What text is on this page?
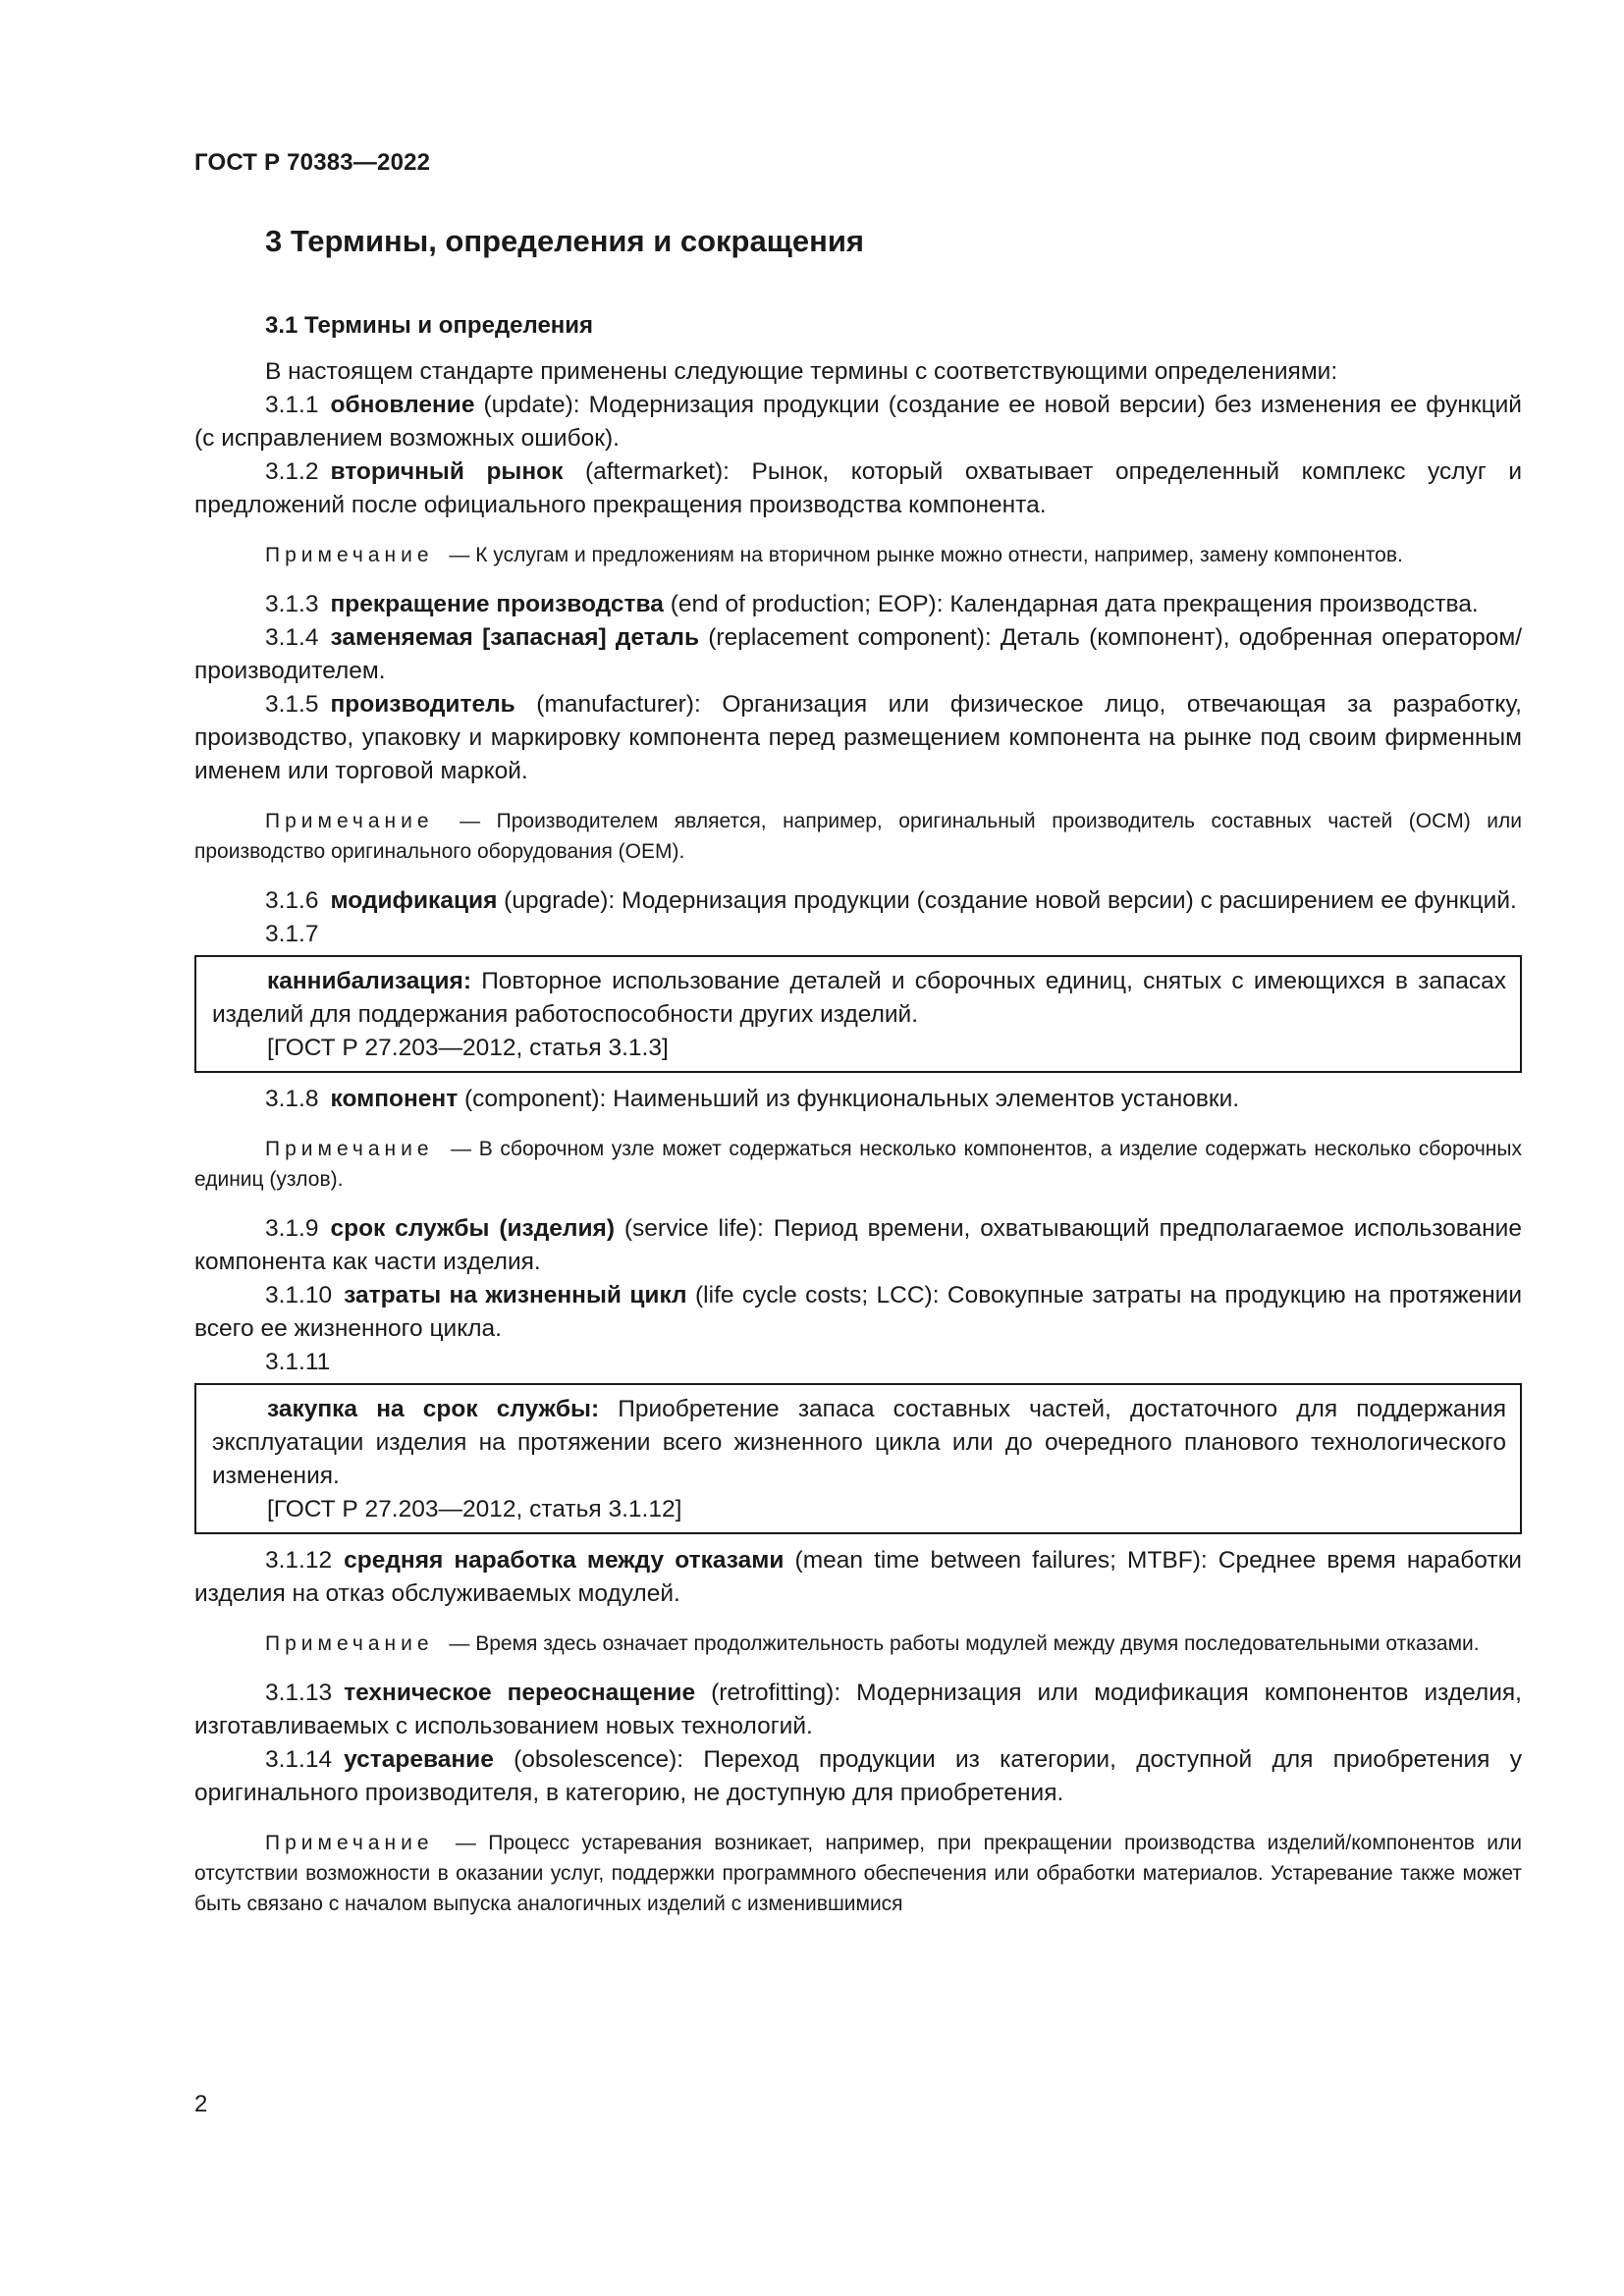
ГОСТ Р 70383—2022
3 Термины, определения и сокращения
3.1 Термины и определения

В настоящем стандарте применены следующие термины с соответствующими определениями:

3.1.1 обновление (update): Модернизация продукции (создание ее новой версии) без изменения ее функций (с исправлением возможных ошибок).

3.1.2 вторичный рынок (aftermarket): Рынок, который охватывает определенный комплекс услуг и предложений после официального прекращения производства компонента.

Примечание — К услугам и предложениям на вторичном рынке можно отнести, например, замену компонентов.

3.1.3 прекращение производства (end of production; EOP): Календарная дата прекращения производства.

3.1.4 заменяемая [запасная] деталь (replacement component): Деталь (компонент), одобренная оператором/производителем.

3.1.5 производитель (manufacturer): Организация или физическое лицо, отвечающая за разработку, производство, упаковку и маркировку компонента перед размещением компонента на рынке под своим фирменным именем или торговой маркой.

Примечание — Производителем является, например, оригинальный производитель составных частей (OCM) или производство оригинального оборудования (OEM).

3.1.6 модификация (upgrade): Модернизация продукции (создание новой версии) с расширением ее функций.

3.1.7

каннибализация: Повторное использование деталей и сборочных единиц, снятых с имеющихся в запасах изделий для поддержания работоспособности других изделий.

[ГОСТ Р 27.203—2012, статья 3.1.3]

3.1.8 компонент (component): Наименьший из функциональных элементов установки.

Примечание — В сборочном узле может содержаться несколько компонентов, а изделие содержать несколько сборочных единиц (узлов).

3.1.9 срок службы (изделия) (service life): Период времени, охватывающий предполагаемое использование компонента как части изделия.

3.1.10 затраты на жизненный цикл (life cycle costs; LCC): Совокупные затраты на продукцию на протяжении всего ее жизненного цикла.

3.1.11

закупка на срок службы: Приобретение запаса составных частей, достаточного для поддержания эксплуатации изделия на протяжении всего жизненного цикла или до очередного планового технологического изменения.

[ГОСТ Р 27.203—2012, статья 3.1.12]

3.1.12 средняя наработка между отказами (mean time between failures; MTBF): Среднее время наработки изделия на отказ обслуживаемых модулей.

Примечание — Время здесь означает продолжительность работы модулей между двумя последовательными отказами.

3.1.13 техническое переоснащение (retrofitting): Модернизация или модификация компонентов изделия, изготавливаемых с использованием новых технологий.

3.1.14 устаревание (obsolescence): Переход продукции из категории, доступной для приобретения у оригинального производителя, в категорию, не доступную для приобретения.

Примечание — Процесс устаревания возникает, например, при прекращении производства изделий/компонентов или отсутствии возможности в оказании услуг, поддержки программного обеспечения или обработки материалов. Устаревание также может быть связано с началом выпуска аналогичных изделий с изменившимися

2
